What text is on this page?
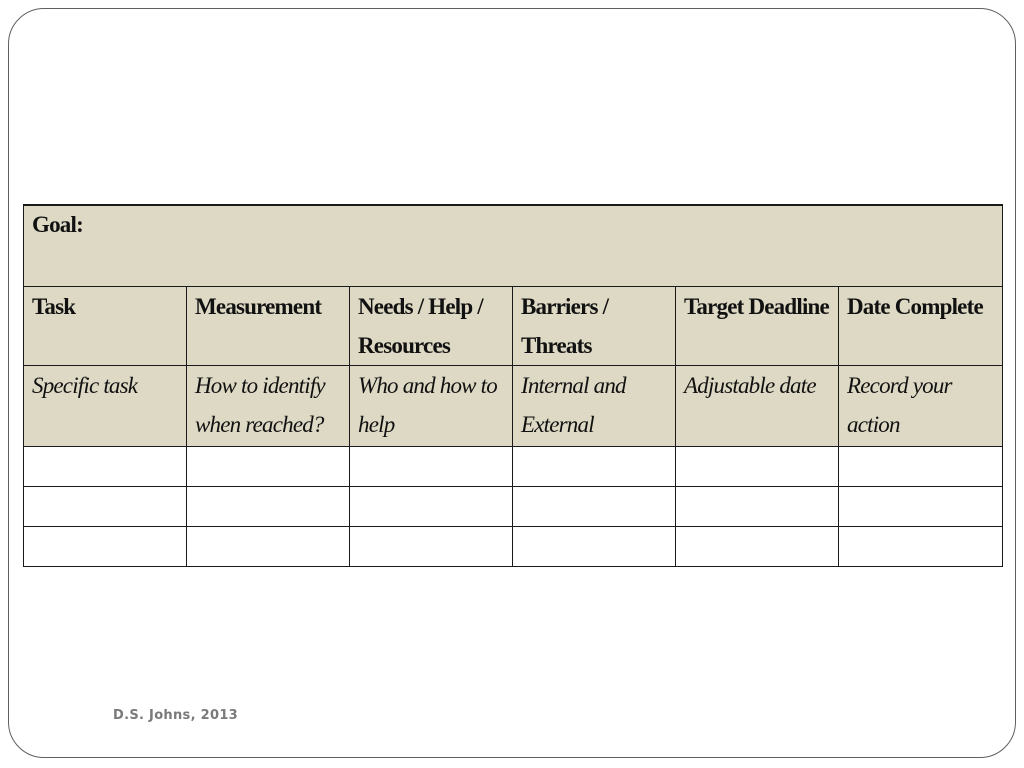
Goal:					
Task	Measurement	Needs / Help / Resources	Barriers / Threats	Target Deadline	Date Complete
Specific task	How to identify when reached?	Who and how to help	Internal and External	Adjustable date	Record your action

D.S. Johns, 2013
